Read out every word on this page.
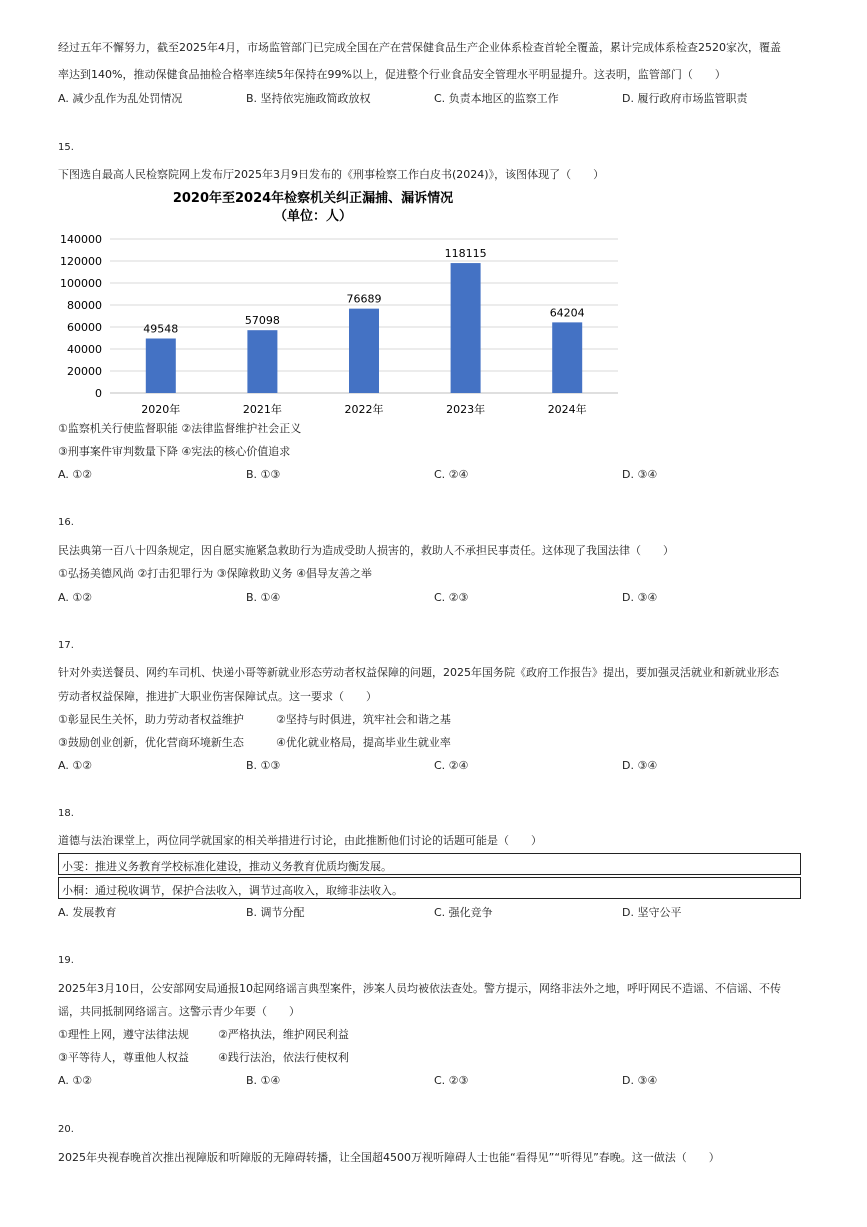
经过五年不懈努力，截至2025年4月，市场监管部门已完成全国在产在营保健食品生产企业体系检查首轮全覆盖，累计完成体系检查2520家次，覆盖
率达到140%，推动保健食品抽检合格率连续5年保持在99%以上，促进整个行业食品安全管理水平明显提升。这表明，监管部门（　　）
A. 减少乱作为乱处罚情况	B. 坚持依宪施政简政放权	C. 负责本地区的监察工作	D. 履行政府市场监管职责
15.
下图选自最高人民检察院网上发布厅2025年3月9日发布的《刑事检察工作白皮书(2024)》，该图体现了（　　）
2020年至2024年检察机关纠正漏捕、漏诉情况
（单位：人）
140000
120000
100000
80000
60000
40000
20000
0
49548
57098
76689
118115
64204
2020年	2021年	2022年	2023年	2024年
①监察机关行使监督职能 ②法律监督维护社会正义
③刑事案件审判数量下降 ④宪法的核心价值追求
A. ①②	B. ①③	C. ②④	D. ③④
16.
民法典第一百八十四条规定，因自愿实施紧急救助行为造成受助人损害的，救助人不承担民事责任。这体现了我国法律（　　）
①弘扬美德风尚 ②打击犯罪行为 ③保障救助义务 ④倡导友善之举
A. ①②	B. ①④	C. ②③	D. ③④
17.
针对外卖送餐员、网约车司机、快递小哥等新就业形态劳动者权益保障的问题，2025年国务院《政府工作报告》提出，要加强灵活就业和新就业形态
劳动者权益保障，推进扩大职业伤害保障试点。这一要求（　　）
①彰显民生关怀，助力劳动者权益维护	②坚持与时俱进，筑牢社会和谐之基
③鼓励创业创新，优化营商环境新生态	④优化就业格局，提高毕业生就业率
A. ①②	B. ①③	C. ②④	D. ③④
18.
道德与法治课堂上，两位同学就国家的相关举措进行讨论，由此推断他们讨论的话题可能是（　　）
小雯：推进义务教育学校标准化建设，推动义务教育优质均衡发展。
小桐：通过税收调节，保护合法收入，调节过高收入，取缔非法收入。
A. 发展教育	B. 调节分配	C. 强化竞争	D. 坚守公平
19.
2025年3月10日，公安部网安局通报10起网络谣言典型案件，涉案人员均被依法查处。警方提示，网络非法外之地，呼吁网民不造谣、不信谣、不传
谣，共同抵制网络谣言。这警示青少年要（　　）
①理性上网，遵守法律法规	②严格执法，维护网民利益
③平等待人，尊重他人权益	④践行法治，依法行使权利
A. ①②	B. ①④	C. ②③	D. ③④
20.
2025年央视春晚首次推出视障版和听障版的无障碍转播，让全国超4500万视听障碍人士也能“看得见”“听得见”春晚。这一做法（　　）
